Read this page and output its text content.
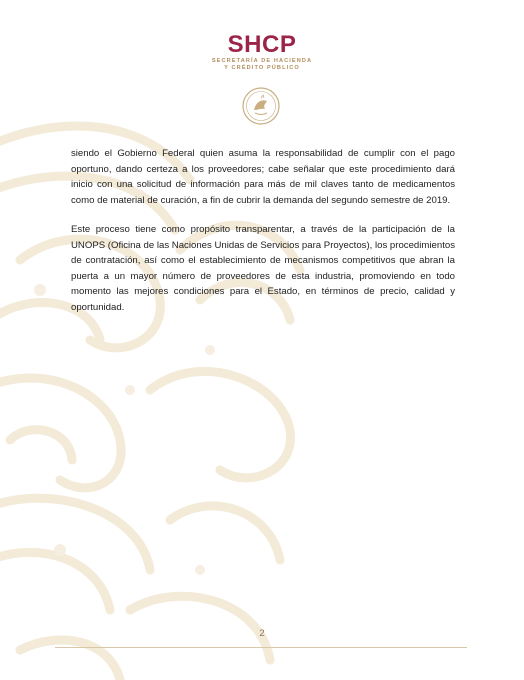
SHCP
SECRETARÍA DE HACIENDA
Y CRÉDITO PÚBLICO

siendo el Gobierno Federal quien asuma la responsabilidad de cumplir con el pago oportuno, dando certeza a los proveedores; cabe señalar que este procedimiento dará inicio con una solicitud de información para más de mil claves tanto de medicamentos como de material de curación, a fin de cubrir la demanda del segundo semestre de 2019.

Este proceso tiene como propósito transparentar, a través de la participación de la UNOPS (Oficina de las Naciones Unidas de Servicios para Proyectos), los procedimientos de contratación, así como el establecimiento de mecanismos competitivos que abran la puerta a un mayor número de proveedores de esta industria, promoviendo en todo momento las mejores condiciones para el Estado, en términos de precio, calidad y oportunidad.

2
